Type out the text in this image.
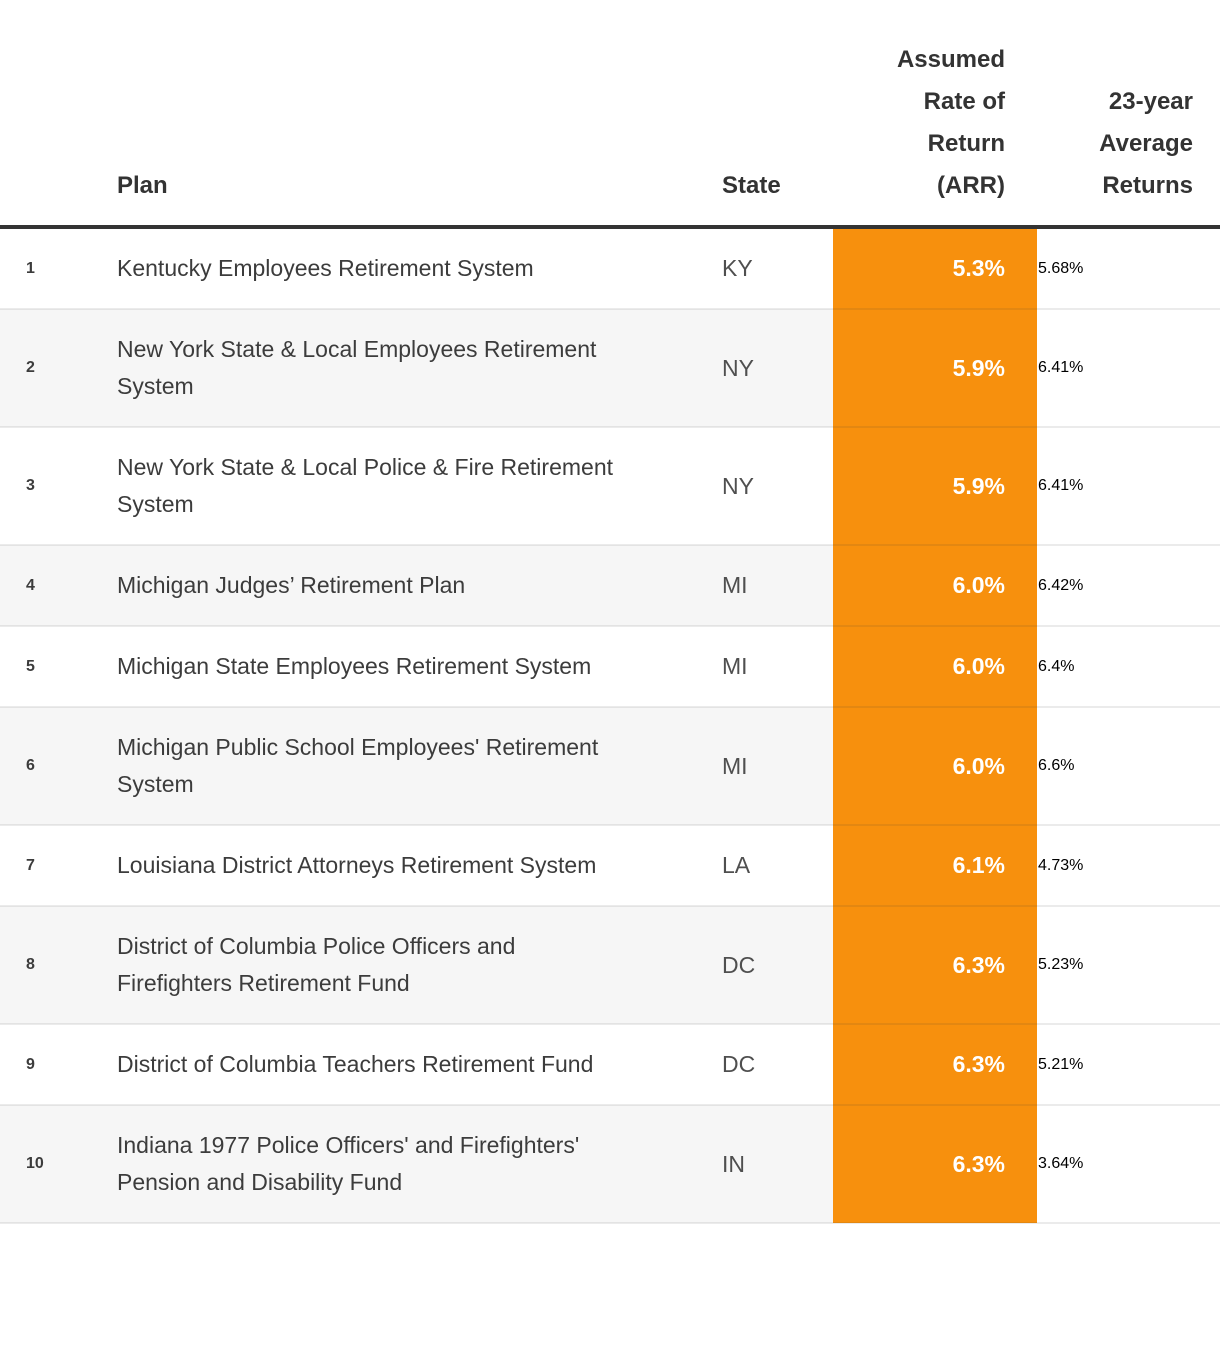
	Plan	State	Assumed Rate of Return (ARR)	23-year Average Returns
1	Kentucky Employees Retirement System	KY	5.3%	5.68%
2	New York State & Local Employees Retirement System	NY	5.9%	6.41%
3	New York State & Local Police & Fire Retirement System	NY	5.9%	6.41%
4	Michigan Judges’ Retirement Plan	MI	6.0%	6.42%
5	Michigan State Employees Retirement System	MI	6.0%	6.4%
6	Michigan Public School Employees' Retirement System	MI	6.0%	6.6%
7	Louisiana District Attorneys Retirement System	LA	6.1%	4.73%
8	District of Columbia Police Officers and Firefighters Retirement Fund	DC	6.3%	5.23%
9	District of Columbia Teachers Retirement Fund	DC	6.3%	5.21%
10	Indiana 1977 Police Officers' and Firefighters' Pension and Disability Fund	IN	6.3%	3.64%
